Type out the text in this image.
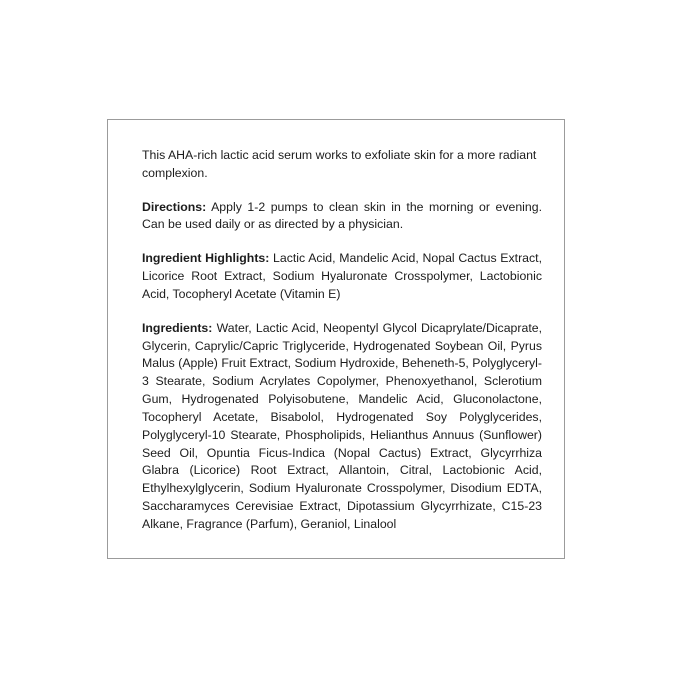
This AHA-rich lactic acid serum works to exfoliate skin for a more radiant complexion.

Directions: Apply 1-2 pumps to clean skin in the morning or evening. Can be used daily or as directed by a physician.

Ingredient Highlights: Lactic Acid, Mandelic Acid, Nopal Cactus Extract, Licorice Root Extract, Sodium Hyaluronate Crosspolymer, Lactobionic Acid, Tocopheryl Acetate (Vitamin E)

Ingredients: Water, Lactic Acid, Neopentyl Glycol Dicaprylate/Dicaprate, Glycerin, Caprylic/Capric Triglyceride, Hydrogenated Soybean Oil, Pyrus Malus (Apple) Fruit Extract, Sodium Hydroxide, Beheneth-5, Polyglyceryl-3 Stearate, Sodium Acrylates Copolymer, Phenoxyethanol, Sclerotium Gum, Hydrogenated Polyisobutene, Mandelic Acid, Gluconolactone, Tocopheryl Acetate, Bisabolol, Hydrogenated Soy Polyglycerides, Polyglyceryl-10 Stearate, Phospholipids, Helianthus Annuus (Sunflower) Seed Oil, Opuntia Ficus-Indica (Nopal Cactus) Extract, Glycyrrhiza Glabra (Licorice) Root Extract, Allantoin, Citral, Lactobionic Acid, Ethylhexylglycerin, Sodium Hyaluronate Crosspolymer, Disodium EDTA, Saccharamyces Cerevisiae Extract, Dipotassium Glycyrrhizate, C15-23 Alkane, Fragrance (Parfum), Geraniol, Linalool
